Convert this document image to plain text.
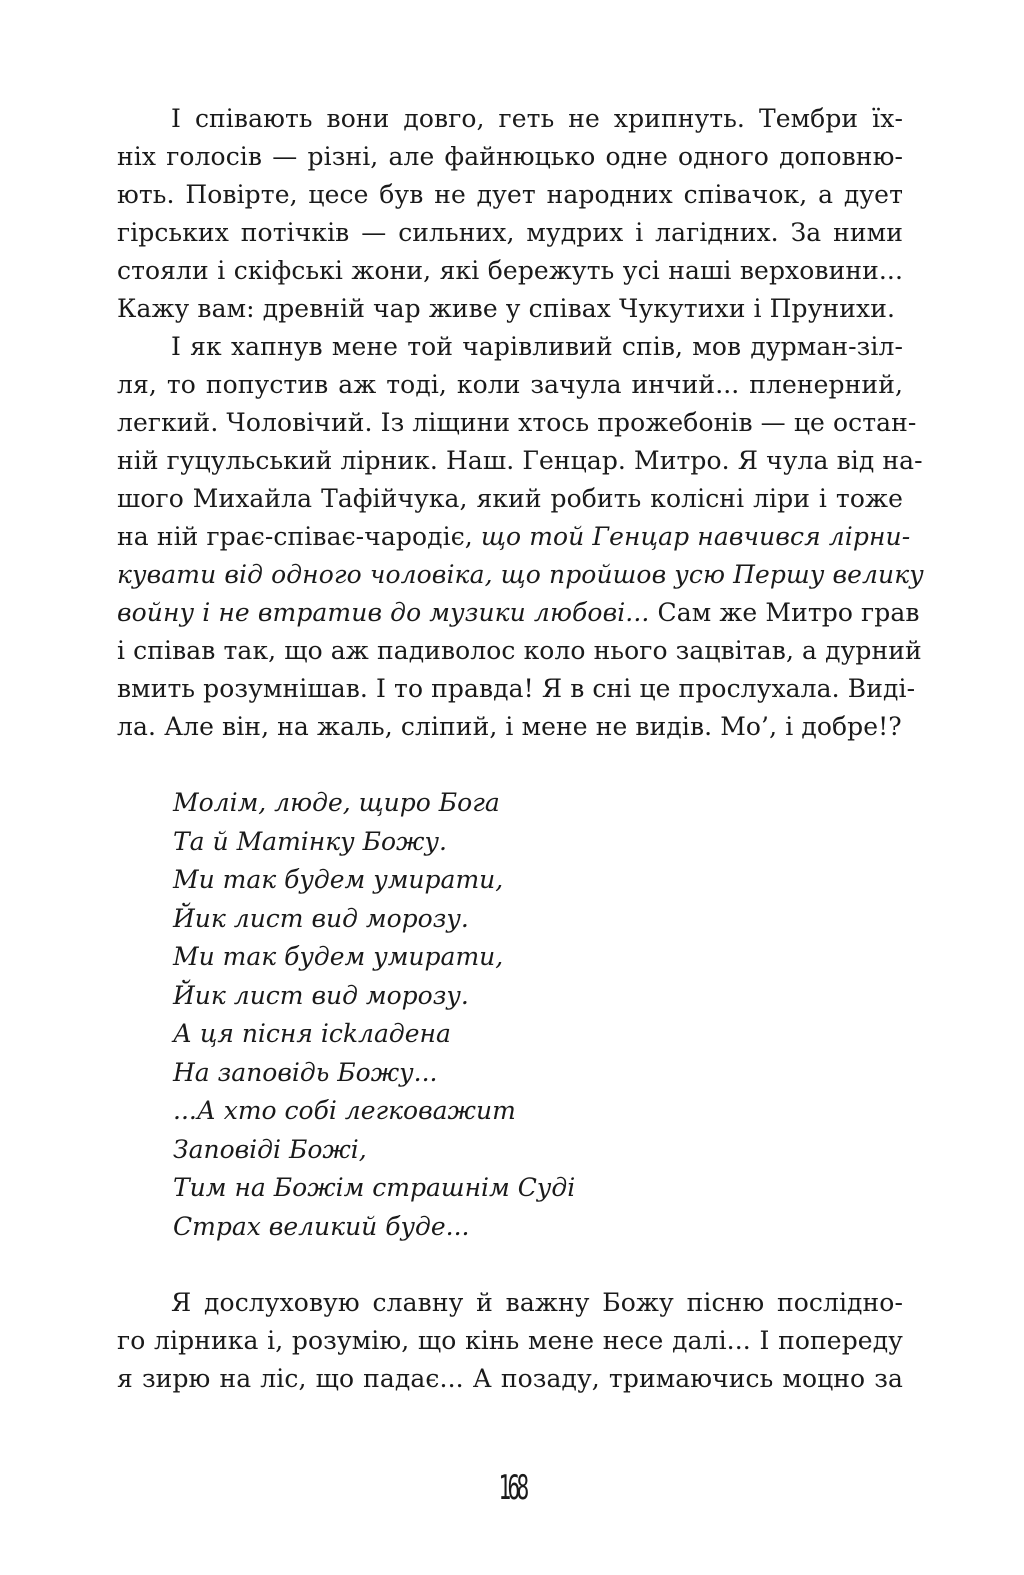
І співають вони довго, геть не хрипнуть. Тембри їх-
ніх голосів — різні, але файнюцько одне одного доповню-
ють. Повірте, цесе був не дует народних співачок, а дует
гірських потічків — сильних, мудрих і лагідних. За ними
стояли і скіфські жони, які бережуть усі наші верховини...
Кажу вам: древній чар живе у співах Чукутихи і Прунихи.
І як хапнув мене той чарівливий спів, мов дурман-зіл-
ля, то попустив аж тоді, коли зачула инчий... пленерний,
легкий. Чоловічий. Із ліщини хтось прожебонів — це остан-
ній гуцульський лірник. Наш. Генцар. Митро. Я чула від на-
шого Михайла Тафійчука, який робить колісні ліри і тоже
на ній грає-співає-чародіє, що той Генцар навчився лірни-
кувати від одного чоловіка, що пройшов усю Першу велику
войну і не втратив до музики любові... Сам же Митро грав
і співав так, що аж падиволос коло нього зацвітав, а дурний
вмить розумнішав. І то правда! Я в сні це прослухала. Виді-
ла. Але він, на жаль, сліпий, і мене не видів. Мо’, і добре!?
Молім, люде, щиро Бога
Та й Матінку Божу.
Ми так будем умирати,
Йик лист вид морозу.
Ми так будем умирати,
Йик лист вид морозу.
А ця пісня ісkладена
На заповідь Божу...
...А хто собі легковажит
Заповіді Божі,
Тим на Божім страшнім Суді
Страх великий буде...
Я дослуховую славну й важну Божу пісню послідно-
го лірника і, розумію, що кінь мене несе далі... І попереду
я зирю на ліс, що падає... А позаду, тримаючись моцно за
168
